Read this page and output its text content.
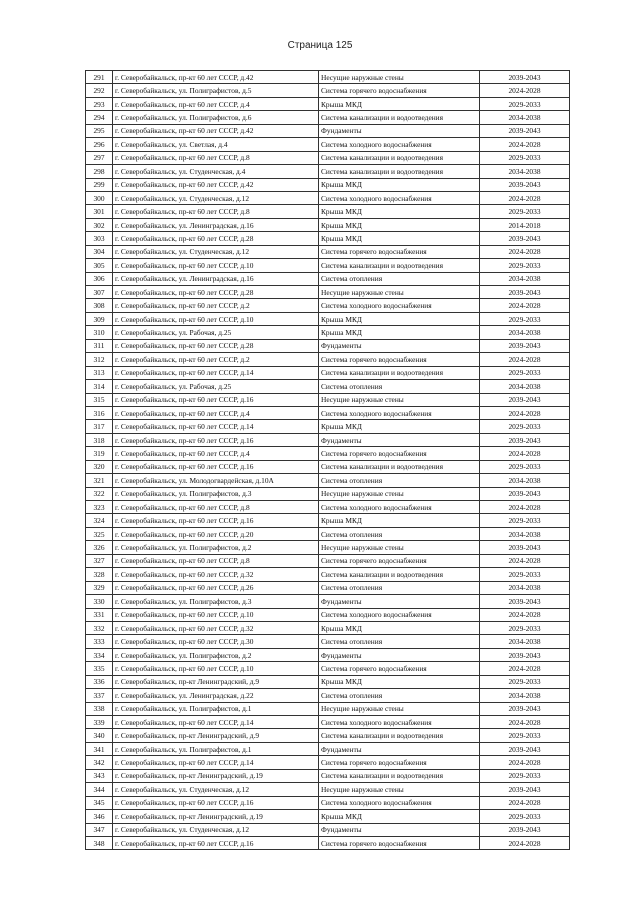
Страница 125
291	г. Северобайкальск, пр-кт 60 лет СССР, д.42	Несущие наружные стены	2039-2043
292	г. Северобайкальск, ул. Полиграфистов, д.5	Система горячего водоснабжения	2024-2028
293	г. Северобайкальск, пр-кт 60 лет СССР, д.4	Крыша МКД	2029-2033
294	г. Северобайкальск, ул. Полиграфистов, д.6	Система канализации и водоотведения	2034-2038
295	г. Северобайкальск, пр-кт 60 лет СССР, д.42	Фундаменты	2039-2043
296	г. Северобайкальск, ул. Светлая, д.4	Система холодного водоснабжения	2024-2028
297	г. Северобайкальск, пр-кт 60 лет СССР, д.8	Система канализации и водоотведения	2029-2033
298	г. Северобайкальск, ул. Студенческая, д.4	Система канализации и водоотведения	2034-2038
299	г. Северобайкальск, пр-кт 60 лет СССР, д.42	Крыша МКД	2039-2043
300	г. Северобайкальск, ул. Студенческая, д.12	Система холодного водоснабжения	2024-2028
301	г. Северобайкальск, пр-кт 60 лет СССР, д.8	Крыша МКД	2029-2033
302	г. Северобайкальск, ул. Ленинградская, д.16	Крыша МКД	2014-2018
303	г. Северобайкальск, пр-кт 60 лет СССР, д.28	Крыша МКД	2039-2043
304	г. Северобайкальск, ул. Студенческая, д.12	Система горячего водоснабжения	2024-2028
305	г. Северобайкальск, пр-кт 60 лет СССР, д.10	Система канализации и водоотведения	2029-2033
306	г. Северобайкальск, ул. Ленинградская, д.16	Система отопления	2034-2038
307	г. Северобайкальск, пр-кт 60 лет СССР, д.28	Несущие наружные стены	2039-2043
308	г. Северобайкальск, пр-кт 60 лет СССР, д.2	Система холодного водоснабжения	2024-2028
309	г. Северобайкальск, пр-кт 60 лет СССР, д.10	Крыша МКД	2029-2033
310	г. Северобайкальск, ул. Рабочая, д.25	Крыша МКД	2034-2038
311	г. Северобайкальск, пр-кт 60 лет СССР, д.28	Фундаменты	2039-2043
312	г. Северобайкальск, пр-кт 60 лет СССР, д.2	Система горячего водоснабжения	2024-2028
313	г. Северобайкальск, пр-кт 60 лет СССР, д.14	Система канализации и водоотведения	2029-2033
314	г. Северобайкальск, ул. Рабочая, д.25	Система отопления	2034-2038
315	г. Северобайкальск, пр-кт 60 лет СССР, д.16	Несущие наружные стены	2039-2043
316	г. Северобайкальск, пр-кт 60 лет СССР, д.4	Система холодного водоснабжения	2024-2028
317	г. Северобайкальск, пр-кт 60 лет СССР, д.14	Крыша МКД	2029-2033
318	г. Северобайкальск, пр-кт 60 лет СССР, д.16	Фундаменты	2039-2043
319	г. Северобайкальск, пр-кт 60 лет СССР, д.4	Система горячего водоснабжения	2024-2028
320	г. Северобайкальск, пр-кт 60 лет СССР, д.16	Система канализации и водоотведения	2029-2033
321	г. Северобайкальск, ул. Молодогвардейская, д.10А	Система отопления	2034-2038
322	г. Северобайкальск, ул. Полиграфистов, д.3	Несущие наружные стены	2039-2043
323	г. Северобайкальск, пр-кт 60 лет СССР, д.8	Система холодного водоснабжения	2024-2028
324	г. Северобайкальск, пр-кт 60 лет СССР, д.16	Крыша МКД	2029-2033
325	г. Северобайкальск, пр-кт 60 лет СССР, д.20	Система отопления	2034-2038
326	г. Северобайкальск, ул. Полиграфистов, д.2	Несущие наружные стены	2039-2043
327	г. Северобайкальск, пр-кт 60 лет СССР, д.8	Система горячего водоснабжения	2024-2028
328	г. Северобайкальск, пр-кт 60 лет СССР, д.32	Система канализации и водоотведения	2029-2033
329	г. Северобайкальск, пр-кт 60 лет СССР, д.26	Система отопления	2034-2038
330	г. Северобайкальск, ул. Полиграфистов, д.3	Фундаменты	2039-2043
331	г. Северобайкальск, пр-кт 60 лет СССР, д.10	Система холодного водоснабжения	2024-2028
332	г. Северобайкальск, пр-кт 60 лет СССР, д.32	Крыша МКД	2029-2033
333	г. Северобайкальск, пр-кт 60 лет СССР, д.30	Система отопления	2034-2038
334	г. Северобайкальск, ул. Полиграфистов, д.2	Фундаменты	2039-2043
335	г. Северобайкальск, пр-кт 60 лет СССР, д.10	Система горячего водоснабжения	2024-2028
336	г. Северобайкальск, пр-кт Ленинградский, д.9	Крыша МКД	2029-2033
337	г. Северобайкальск, ул. Ленинградская, д.22	Система отопления	2034-2038
338	г. Северобайкальск, ул. Полиграфистов, д.1	Несущие наружные стены	2039-2043
339	г. Северобайкальск, пр-кт 60 лет СССР, д.14	Система холодного водоснабжения	2024-2028
340	г. Северобайкальск, пр-кт Ленинградский, д.9	Система канализации и водоотведения	2029-2033
341	г. Северобайкальск, ул. Полиграфистов, д.1	Фундаменты	2039-2043
342	г. Северобайкальск, пр-кт 60 лет СССР, д.14	Система горячего водоснабжения	2024-2028
343	г. Северобайкальск, пр-кт Ленинградский, д.19	Система канализации и водоотведения	2029-2033
344	г. Северобайкальск, ул. Студенческая, д.12	Несущие наружные стены	2039-2043
345	г. Северобайкальск, пр-кт 60 лет СССР, д.16	Система холодного водоснабжения	2024-2028
346	г. Северобайкальск, пр-кт Ленинградский, д.19	Крыша МКД	2029-2033
347	г. Северобайкальск, ул. Студенческая, д.12	Фундаменты	2039-2043
348	г. Северобайкальск, пр-кт 60 лет СССР, д.16	Система горячего водоснабжения	2024-2028
